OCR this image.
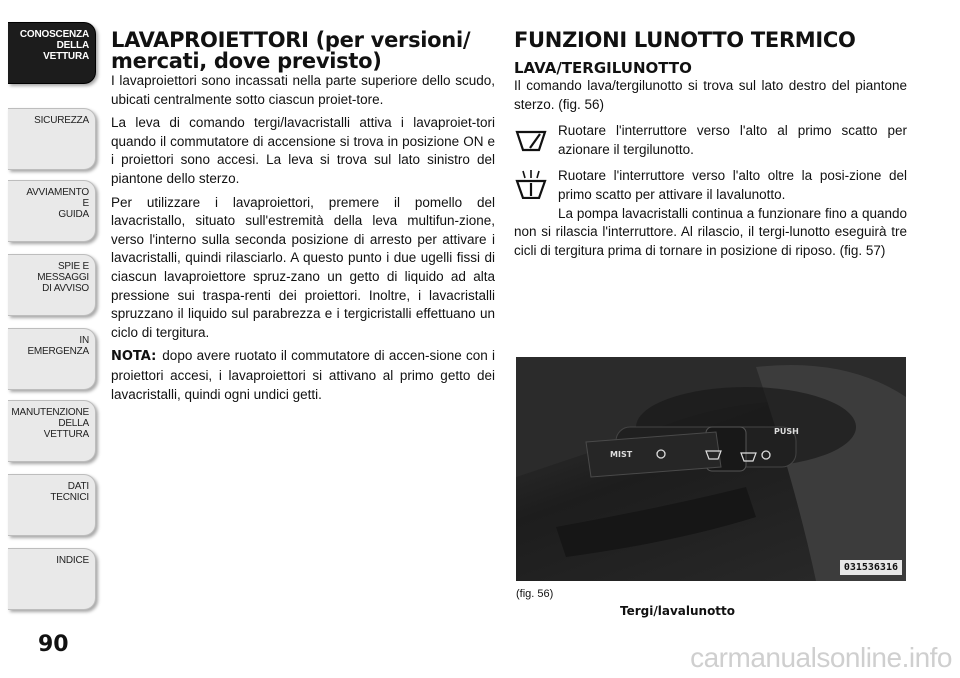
CONOSCENZA
DELLA
VETTURA
SICUREZZA
AVVIAMENTO
E
GUIDA
SPIE E
MESSAGGI
DI AVVISO
IN
EMERGENZA
MANUTENZIONE
DELLA
VETTURA
DATI
TECNICI
INDICE
90
LAVAPROIETTORI (per versioni/ mercati, dove previsto)

I lavaproiettori sono incassati nella parte superiore dello scudo, ubicati centralmente sotto ciascun proiet-tore.

La leva di comando tergi/lavacristalli attiva i lavaproiet-tori quando il commutatore di accensione si trova in posizione ON e i proiettori sono accesi. La leva si trova sul lato sinistro del piantone dello sterzo.

Per utilizzare i lavaproiettori, premere il pomello del lavacristallo, situato sull'estremità della leva multifun-zione, verso l'interno sulla seconda posizione di arresto per attivare i lavacristalli, quindi rilasciarlo. A questo punto i due ugelli fissi di ciascun lavaproiettore spruz-zano un getto di liquido ad alta pressione sui traspa-renti dei proiettori. Inoltre, i lavacristalli spruzzano il liquido sul parabrezza e i tergicristalli effettuano un ciclo di tergitura.

NOTA: dopo avere ruotato il commutatore di accen-sione con i proiettori accesi, i lavaproiettori si attivano al primo getto dei lavacristalli, quindi ogni undici getti.

FUNZIONI LUNOTTO TERMICO
LAVA/TERGILUNOTTO

Il comando lava/tergilunotto si trova sul lato destro del piantone sterzo. (fig. 56)

Ruotare l'interruttore verso l'alto al primo scatto per azionare il tergilunotto.

Ruotare l'interruttore verso l'alto oltre la posi-zione del primo scatto per attivare il lavalunotto.

La pompa lavacristalli continua a funzionare fino a quando non si rilascia l'interruttore. Al rilascio, il tergi-lunotto eseguirà tre cicli di tergitura prima di tornare in posizione di riposo. (fig. 57)

MIST
PUSH
031536316
(fig. 56)
Tergi/lavalunotto
carmanualsonline.info
